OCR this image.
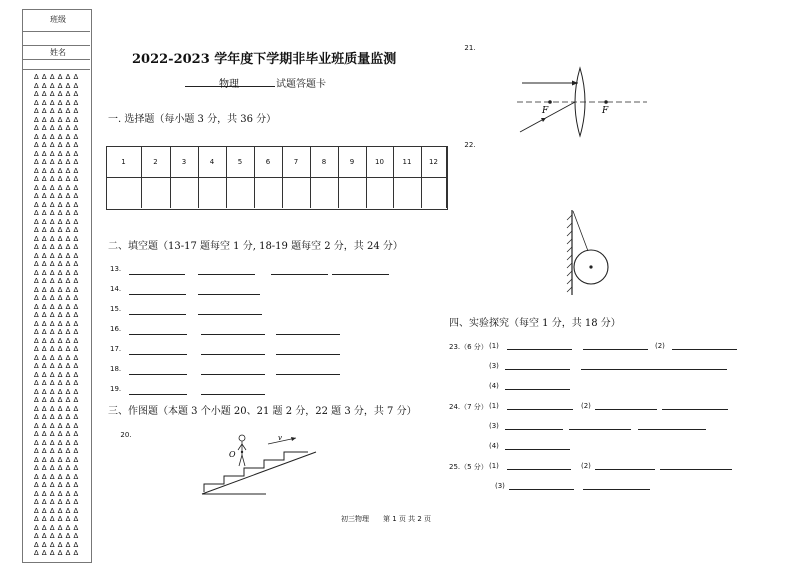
班级
姓名
∆ ∆ ∆ ∆ ∆ ∆
∆ ∆ ∆ ∆ ∆ ∆
∆ ∆ ∆ ∆ ∆ ∆
∆ ∆ ∆ ∆ ∆ ∆
∆ ∆ ∆ ∆ ∆ ∆
∆ ∆ ∆ ∆ ∆ ∆
∆ ∆ ∆ ∆ ∆ ∆
∆ ∆ ∆ ∆ ∆ ∆
∆ ∆ ∆ ∆ ∆ ∆
∆ ∆ ∆ ∆ ∆ ∆
∆ ∆ ∆ ∆ ∆ ∆
∆ ∆ ∆ ∆ ∆ ∆
∆ ∆ ∆ ∆ ∆ ∆
∆ ∆ ∆ ∆ ∆ ∆
∆ ∆ ∆ ∆ ∆ ∆
∆ ∆ ∆ ∆ ∆ ∆
∆ ∆ ∆ ∆ ∆ ∆
∆ ∆ ∆ ∆ ∆ ∆
∆ ∆ ∆ ∆ ∆ ∆
∆ ∆ ∆ ∆ ∆ ∆
∆ ∆ ∆ ∆ ∆ ∆
∆ ∆ ∆ ∆ ∆ ∆
∆ ∆ ∆ ∆ ∆ ∆
∆ ∆ ∆ ∆ ∆ ∆
∆ ∆ ∆ ∆ ∆ ∆
∆ ∆ ∆ ∆ ∆ ∆
∆ ∆ ∆ ∆ ∆ ∆
∆ ∆ ∆ ∆ ∆ ∆
∆ ∆ ∆ ∆ ∆ ∆
∆ ∆ ∆ ∆ ∆ ∆
∆ ∆ ∆ ∆ ∆ ∆
∆ ∆ ∆ ∆ ∆ ∆
∆ ∆ ∆ ∆ ∆ ∆
∆ ∆ ∆ ∆ ∆ ∆
∆ ∆ ∆ ∆ ∆ ∆
∆ ∆ ∆ ∆ ∆ ∆
∆ ∆ ∆ ∆ ∆ ∆
∆ ∆ ∆ ∆ ∆ ∆
∆ ∆ ∆ ∆ ∆ ∆
∆ ∆ ∆ ∆ ∆ ∆
∆ ∆ ∆ ∆ ∆ ∆
∆ ∆ ∆ ∆ ∆ ∆
∆ ∆ ∆ ∆ ∆ ∆
∆ ∆ ∆ ∆ ∆ ∆
∆ ∆ ∆ ∆ ∆ ∆
∆ ∆ ∆ ∆ ∆ ∆
∆ ∆ ∆ ∆ ∆ ∆
∆ ∆ ∆ ∆ ∆ ∆
∆ ∆ ∆ ∆ ∆ ∆
∆ ∆ ∆ ∆ ∆ ∆
∆ ∆ ∆ ∆ ∆ ∆
∆ ∆ ∆ ∆ ∆ ∆
∆ ∆ ∆ ∆ ∆ ∆
∆ ∆ ∆ ∆ ∆ ∆
∆ ∆ ∆ ∆ ∆ ∆
∆ ∆ ∆ ∆ ∆ ∆
∆ ∆ ∆ ∆ ∆ ∆
2022-2023 学年度下学期非毕业班质量监测
物理	试题答题卡
一. 选择题（每小题 3 分，共 36 分）
1	2	3	4	5	6	7	8	9	10	11	12
二、填空题（13-17 题每空 1 分, 18-19 题每空 2 分，共 24 分）
13.
14.
15.
16.
17.
18.
19.
三、作图题（本题 3 个小题 20、21 题 2 分，22 题 3 分，共 7 分）
20.
O
v
21.
F	F
22.
四、实验探究（每空 1 分，共 18 分）
23.（6 分） (1)	(2)
(3)
(4)
24.（7 分） (1)	(2)
(3)
(4)
25.（5 分） (1)	(2)
(3)
初三物理　　第 1 页 共 2 页
